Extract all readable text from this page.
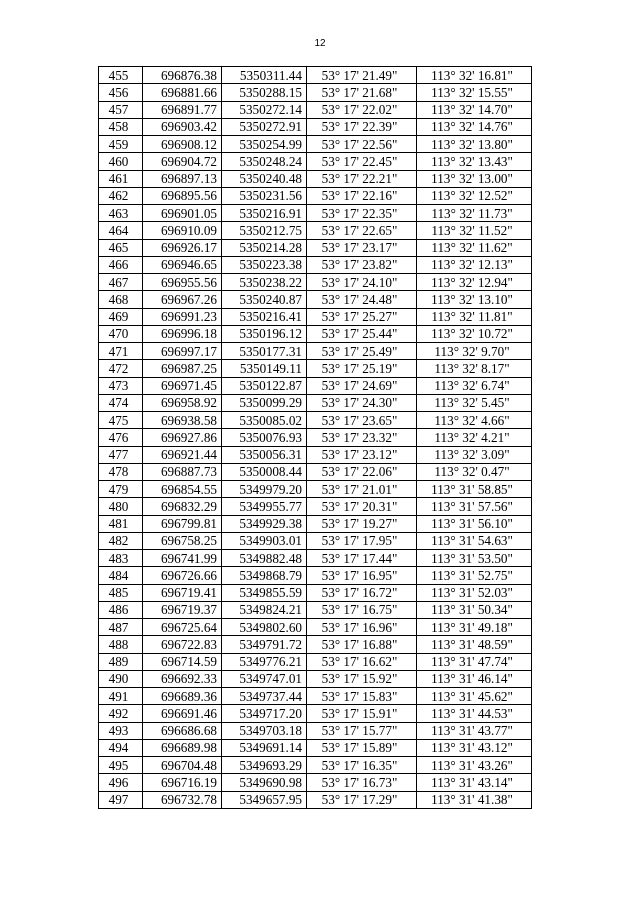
12
455	696876.38	5350311.44	53° 17' 21.49"	113° 32' 16.81"
456	696881.66	5350288.15	53° 17' 21.68"	113° 32' 15.55"
457	696891.77	5350272.14	53° 17' 22.02"	113° 32' 14.70"
458	696903.42	5350272.91	53° 17' 22.39"	113° 32' 14.76"
459	696908.12	5350254.99	53° 17' 22.56"	113° 32' 13.80"
460	696904.72	5350248.24	53° 17' 22.45"	113° 32' 13.43"
461	696897.13	5350240.48	53° 17' 22.21"	113° 32' 13.00"
462	696895.56	5350231.56	53° 17' 22.16"	113° 32' 12.52"
463	696901.05	5350216.91	53° 17' 22.35"	113° 32' 11.73"
464	696910.09	5350212.75	53° 17' 22.65"	113° 32' 11.52"
465	696926.17	5350214.28	53° 17' 23.17"	113° 32' 11.62"
466	696946.65	5350223.38	53° 17' 23.82"	113° 32' 12.13"
467	696955.56	5350238.22	53° 17' 24.10"	113° 32' 12.94"
468	696967.26	5350240.87	53° 17' 24.48"	113° 32' 13.10"
469	696991.23	5350216.41	53° 17' 25.27"	113° 32' 11.81"
470	696996.18	5350196.12	53° 17' 25.44"	113° 32' 10.72"
471	696997.17	5350177.31	53° 17' 25.49"	113° 32' 9.70"
472	696987.25	5350149.11	53° 17' 25.19"	113° 32' 8.17"
473	696971.45	5350122.87	53° 17' 24.69"	113° 32' 6.74"
474	696958.92	5350099.29	53° 17' 24.30"	113° 32' 5.45"
475	696938.58	5350085.02	53° 17' 23.65"	113° 32' 4.66"
476	696927.86	5350076.93	53° 17' 23.32"	113° 32' 4.21"
477	696921.44	5350056.31	53° 17' 23.12"	113° 32' 3.09"
478	696887.73	5350008.44	53° 17' 22.06"	113° 32' 0.47"
479	696854.55	5349979.20	53° 17' 21.01"	113° 31' 58.85"
480	696832.29	5349955.77	53° 17' 20.31"	113° 31' 57.56"
481	696799.81	5349929.38	53° 17' 19.27"	113° 31' 56.10"
482	696758.25	5349903.01	53° 17' 17.95"	113° 31' 54.63"
483	696741.99	5349882.48	53° 17' 17.44"	113° 31' 53.50"
484	696726.66	5349868.79	53° 17' 16.95"	113° 31' 52.75"
485	696719.41	5349855.59	53° 17' 16.72"	113° 31' 52.03"
486	696719.37	5349824.21	53° 17' 16.75"	113° 31' 50.34"
487	696725.64	5349802.60	53° 17' 16.96"	113° 31' 49.18"
488	696722.83	5349791.72	53° 17' 16.88"	113° 31' 48.59"
489	696714.59	5349776.21	53° 17' 16.62"	113° 31' 47.74"
490	696692.33	5349747.01	53° 17' 15.92"	113° 31' 46.14"
491	696689.36	5349737.44	53° 17' 15.83"	113° 31' 45.62"
492	696691.46	5349717.20	53° 17' 15.91"	113° 31' 44.53"
493	696686.68	5349703.18	53° 17' 15.77"	113° 31' 43.77"
494	696689.98	5349691.14	53° 17' 15.89"	113° 31' 43.12"
495	696704.48	5349693.29	53° 17' 16.35"	113° 31' 43.26"
496	696716.19	5349690.98	53° 17' 16.73"	113° 31' 43.14"
497	696732.78	5349657.95	53° 17' 17.29"	113° 31' 41.38"
